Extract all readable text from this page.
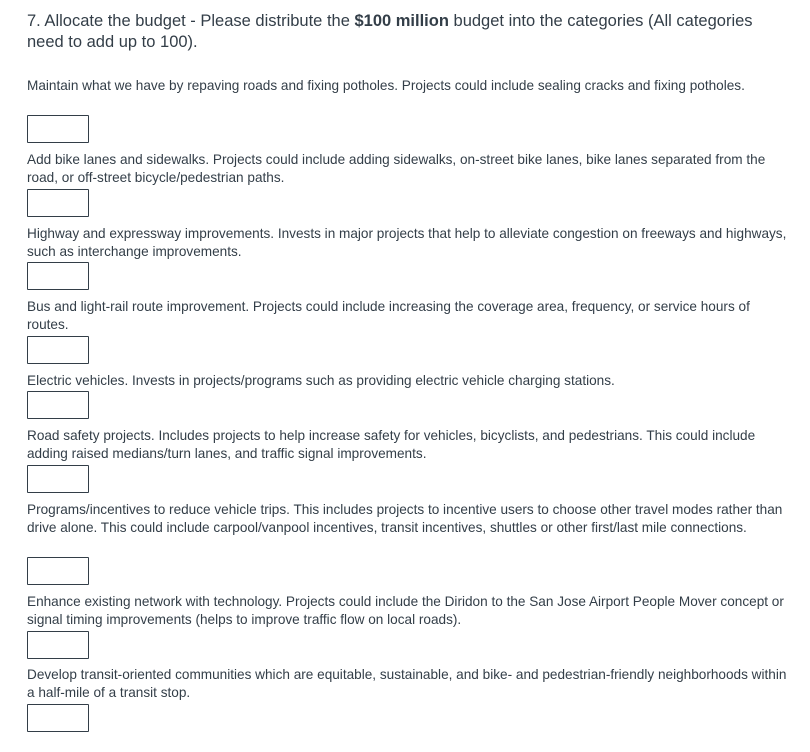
7. Allocate the budget - Please distribute the $100 million budget into the categories (All categories need to add up to 100).
Maintain what we have by repaving roads and fixing potholes. Projects could include sealing cracks and fixing potholes.
Add bike lanes and sidewalks. Projects could include adding sidewalks, on-street bike lanes, bike lanes separated from the road, or off-street bicycle/pedestrian paths.
Highway and expressway improvements. Invests in major projects that help to alleviate congestion on freeways and highways, such as interchange improvements.
Bus and light-rail route improvement. Projects could include increasing the coverage area, frequency, or service hours of routes.
Electric vehicles. Invests in projects/programs such as providing electric vehicle charging stations.
Road safety projects. Includes projects to help increase safety for vehicles, bicyclists, and pedestrians. This could include adding raised medians/turn lanes, and traffic signal improvements.
Programs/incentives to reduce vehicle trips. This includes projects to incentive users to choose other travel modes rather than drive alone. This could include carpool/vanpool incentives, transit incentives, shuttles or other first/last mile connections.
Enhance existing network with technology. Projects could include the Diridon to the San Jose Airport People Mover concept or signal timing improvements (helps to improve traffic flow on local roads).
Develop transit-oriented communities which are equitable, sustainable, and bike- and pedestrian-friendly neighborhoods within a half-mile of a transit stop.
